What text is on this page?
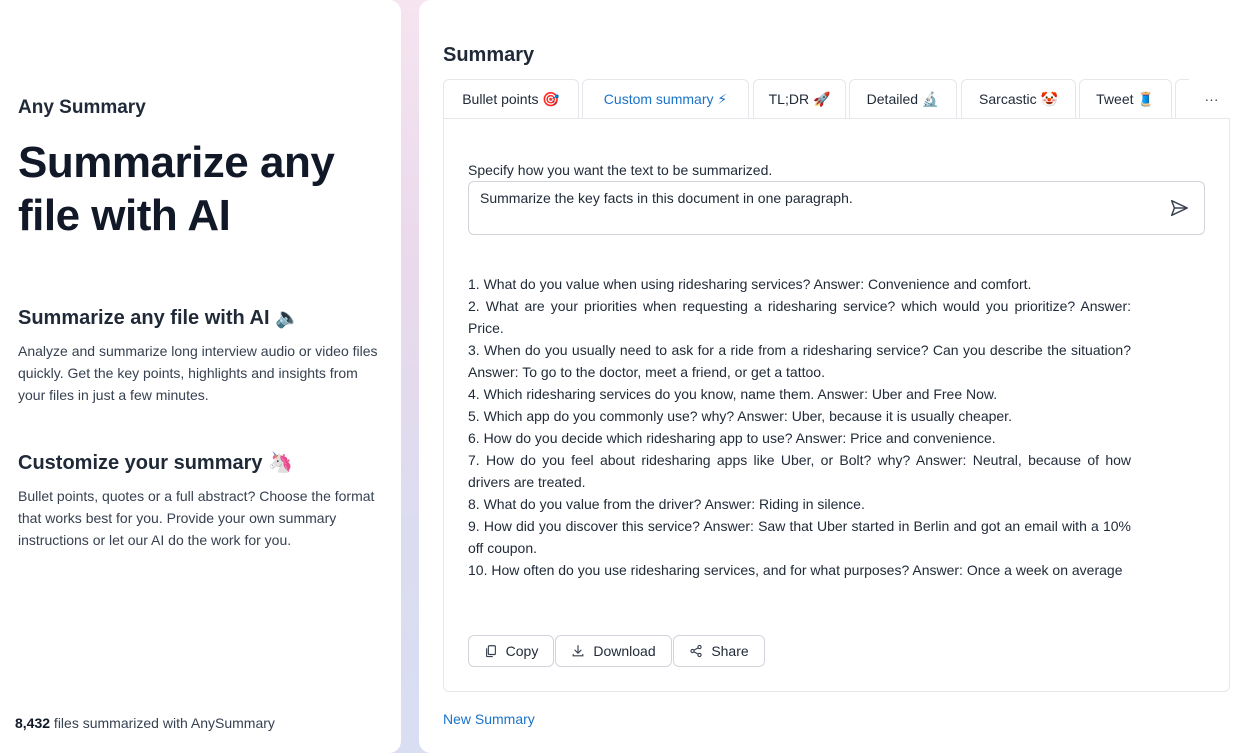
Any Summary
Summarize any file with AI
Summarize any file with AI 🔈
Analyze and summarize long interview audio or video files quickly. Get the key points, highlights and insights from your files in just a few minutes.
Customize your summary 🦄
Bullet points, quotes or a full abstract? Choose the format that works best for you. Provide your own summary instructions or let our AI do the work for you.
8,432 files summarized with AnySummary
Summary
Bullet points 🎯	Custom summary ⚡	TL;DR 🚀	Detailed 🔬	Sarcastic 🤡	Tweet 🧵	···
Specify how you want the text to be summarized.
Summarize the key facts in this document in one paragraph.
1. What do you value when using ridesharing services? Answer: Convenience and comfort.
2. What are your priorities when requesting a ridesharing service? which would you prioritize? Answer: Price.
3. When do you usually need to ask for a ride from a ridesharing service? Can you describe the situation? Answer: To go to the doctor, meet a friend, or get a tattoo.
4. Which ridesharing services do you know, name them. Answer: Uber and Free Now.
5. Which app do you commonly use? why? Answer: Uber, because it is usually cheaper.
6. How do you decide which ridesharing app to use? Answer: Price and convenience.
7. How do you feel about ridesharing apps like Uber, or Bolt? why? Answer: Neutral, because of how drivers are treated.
8. What do you value from the driver? Answer: Riding in silence.
9. How did you discover this service? Answer: Saw that Uber started in Berlin and got an email with a 10% off coupon.
10. How often do you use ridesharing services, and for what purposes? Answer: Once a week on average
Copy	Download	Share
New Summary
